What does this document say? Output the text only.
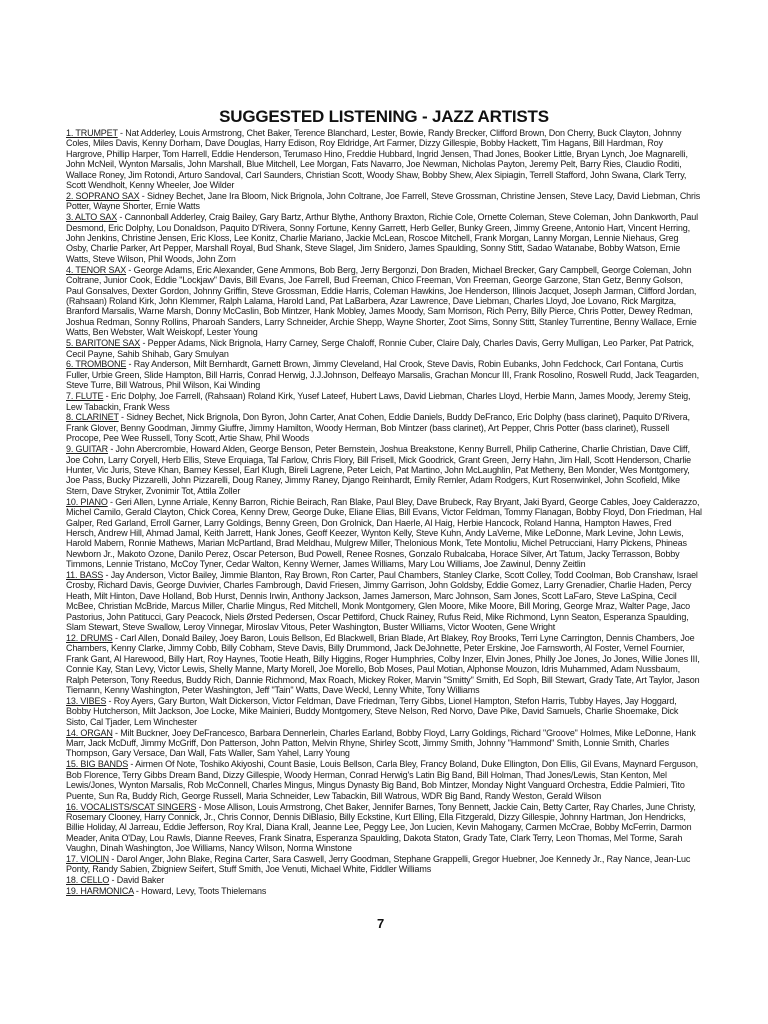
SUGGESTED LISTENING - JAZZ ARTISTS
1. TRUMPET - Nat Adderley, Louis Armstrong, Chet Baker, Terence Blanchard, Lester, Bowie, Randy Brecker, Clifford Brown, Don Cherry, Buck Clayton, Johnny Coles, Miles Davis, Kenny Dorham, Dave Douglas, Harry Edison, Roy Eldridge, Art Farmer, Dizzy Gillespie, Bobby Hackett, Tim Hagans, Bill Hardman, Roy Hargrove, Phillip Harper, Tom Harrell, Eddie Henderson, Terumaso Hino, Freddie Hubbard, Ingrid Jensen, Thad Jones, Booker Little, Bryan Lynch, Joe Magnarelli, John McNeil, Wynton Marsalis, John Marshall, Blue Mitchell, Lee Morgan, Fats Navarro, Joe Newman, Nicholas Payton, Jeremy Pelt, Barry Ries, Claudio Roditi, Wallace Roney, Jim Rotondi, Arturo Sandoval, Carl Saunders, Christian Scott, Woody Shaw, Bobby Shew, Alex Sipiagin, Terrell Stafford, John Swana, Clark Terry, Scott Wendholt, Kenny Wheeler, Joe Wilder
2. SOPRANO SAX - Sidney Bechet, Jane Ira Bloom, Nick Brignola, John Coltrane, Joe Farrell, Steve Grossman, Christine Jensen, Steve Lacy, David Liebman, Chris Potter, Wayne Shorter, Ernie Watts
3. ALTO SAX - Cannonball Adderley, Craig Bailey, Gary Bartz, Arthur Blythe, Anthony Braxton, Richie Cole, Ornette Coleman, Steve Coleman, John Dankworth, Paul Desmond, Eric Dolphy, Lou Donaldson, Paquito D'Rivera, Sonny Fortune, Kenny Garrett, Herb Geller, Bunky Green, Jimmy Greene, Antonio Hart, Vincent Herring, John Jenkins, Christine Jensen, Eric Kloss, Lee Konitz, Charlie Mariano, Jackie McLean, Roscoe Mitchell, Frank Morgan, Lanny Morgan, Lennie Niehaus, Greg Osby, Charlie Parker, Art Pepper, Marshall Royal, Bud Shank, Steve Slagel, Jim Snidero, James Spaulding, Sonny Stitt, Sadao Watanabe, Bobby Watson, Ernie Watts, Steve Wilson, Phil Woods, John Zorn
4. TENOR SAX - George Adams, Eric Alexander, Gene Ammons, Bob Berg, Jerry Bergonzi, Don Braden, Michael Brecker, Gary Campbell, George Coleman, John Coltrane, Junior Cook, Eddie "Lockjaw" Davis, Bill Evans, Joe Farrell, Bud Freeman, Chico Freeman, Von Freeman, George Garzone, Stan Getz, Benny Golson, Paul Gonsalves, Dexter Gordon, Johnny Griffin, Steve Grossman, Eddie Harris, Coleman Hawkins, Joe Henderson, Illinois Jacquet, Joseph Jarman, Clifford Jordan, (Rahsaan) Roland Kirk, John Klemmer, Ralph Lalama, Harold Land, Pat LaBarbera, Azar Lawrence, Dave Liebman, Charles Lloyd, Joe Lovano, Rick Margitza, Branford Marsalis, Warne Marsh, Donny McCaslin, Bob Mintzer, Hank Mobley, James Moody, Sam Morrison, Rich Perry, Billy Pierce, Chris Potter, Dewey Redman, Joshua Redman, Sonny Rollins, Pharoah Sanders, Larry Schneider, Archie Shepp, Wayne Shorter, Zoot Sims, Sonny Stitt, Stanley Turrentine, Benny Wallace, Ernie Watts, Ben Webster, Walt Weiskopf, Lester Young
5. BARITONE SAX - Pepper Adams, Nick Brignola, Harry Carney, Serge Chaloff, Ronnie Cuber, Claire Daly, Charles Davis, Gerry Mulligan, Leo Parker, Pat Patrick, Cecil Payne, Sahib Shihab, Gary Smulyan
6. TROMBONE - Ray Anderson, Milt Bernhardt, Garnett Brown, Jimmy Cleveland, Hal Crook, Steve Davis, Robin Eubanks, John Fedchock, Carl Fontana, Curtis Fuller, Urbie Green, Slide Hampton, Bill Harris, Conrad Herwig, J.J.Johnson, Delfeayo Marsalis, Grachan Moncur III, Frank Rosolino, Roswell Rudd, Jack Teagarden, Steve Turre, Bill Watrous, Phil Wilson, Kai Winding
7. FLUTE - Eric Dolphy, Joe Farrell, (Rahsaan) Roland Kirk, Yusef Lateef, Hubert Laws, David Liebman, Charles Lloyd, Herbie Mann, James Moody, Jeremy Steig, Lew Tabackin, Frank Wess
8. CLARINET - Sidney Bechet, Nick Brignola, Don Byron, John Carter, Anat Cohen, Eddie Daniels, Buddy DeFranco, Eric Dolphy (bass clarinet), Paquito D'Rivera, Frank Glover, Benny Goodman, Jimmy Giuffre, Jimmy Hamilton, Woody Herman, Bob Mintzer (bass clarinet), Art Pepper, Chris Potter (bass clarinet), Russell Procope, Pee Wee Russell, Tony Scott, Artie Shaw, Phil Woods
9. GUITAR - John Abercrombie, Howard Alden, George Benson, Peter Bernstein, Joshua Breakstone, Kenny Burrell, Philip Catherine, Charlie Christian, Dave Cliff, Joe Cohn, Larry Coryell, Herb Ellis, Steve Erquiaga, Tal Farlow, Chris Flory, Bill Frisell, Mick Goodrick, Grant Green, Jerry Hahn, Jim Hall, Scott Henderson, Charlie Hunter, Vic Juris, Steve Khan, Barney Kessel, Earl Klugh, Bireli Lagrene, Peter Leich, Pat Martino, John McLaughlin, Pat Metheny, Ben Monder, Wes Montgomery, Joe Pass, Bucky Pizzarelli, John Pizzarelli, Doug Raney, Jimmy Raney, Django Reinhardt, Emily Remler, Adam Rodgers, Kurt Rosenwinkel, John Scofield, Mike Stern, Dave Stryker, Zvonimir Tot, Attila Zoller
10. PIANO - Geri Allen, Lynne Arriale, Kenny Barron, Richie Beirach, Ran Blake, Paul Bley, Dave Brubeck, Ray Bryant, Jaki Byard, George Cables, Joey Calderazzo, Michel Camilo, Gerald Clayton, Chick Corea, Kenny Drew, George Duke, Eliane Elias, Bill Evans, Victor Feldman, Tommy Flanagan, Bobby Floyd, Don Friedman, Hal Galper, Red Garland, Erroll Garner, Larry Goldings, Benny Green, Don Grolnick, Dan Haerle, Al Haig, Herbie Hancock, Roland Hanna, Hampton Hawes, Fred Hersch, Andrew Hill, Ahmad Jamal, Keith Jarrett, Hank Jones, Geoff Keezer, Wynton Kelly, Steve Kuhn, Andy LaVerne, Mike LeDonne, Mark Levine, John Lewis, Harold Mabern, Ronnie Mathews, Marian McPartland, Brad Meldhau, Mulgrew Miller, Thelonious Monk, Tete Montoliu, Michel Petrucciani, Harry Pickens, Phineas Newborn Jr., Makoto Ozone, Danilo Perez, Oscar Peterson, Bud Powell, Renee Rosnes, Gonzalo Rubalcaba, Horace Silver, Art Tatum, Jacky Terrasson, Bobby Timmons, Lennie Tristano, McCoy Tyner, Cedar Walton, Kenny Werner, James Williams, Mary Lou Williams, Joe Zawinul, Denny Zeitlin
11. BASS - Jay Anderson, Victor Bailey, Jimmie Blanton, Ray Brown, Ron Carter, Paul Chambers, Stanley Clarke, Scott Colley, Todd Coolman, Bob Cranshaw, Israel Crosby, Richard Davis, George Duvivier, Charles Fambrough, David Friesen, Jimmy Garrison, John Goldsby, Eddie Gomez, Larry Grenadier, Charlie Haden, Percy Heath, Milt Hinton, Dave Holland, Bob Hurst, Dennis Irwin, Anthony Jackson, James Jamerson, Marc Johnson, Sam Jones, Scott LaFaro, Steve LaSpina, Cecil McBee, Christian McBride, Marcus Miller, Charlie Mingus, Red Mitchell, Monk Montgomery, Glen Moore, Mike Moore, Bill Moring, George Mraz, Walter Page, Jaco Pastorius, John Patitucci, Gary Peacock, Niels Ørsted Pedersen, Oscar Pettiford, Chuck Rainey, Rufus Reid, Mike Richmond, Lynn Seaton, Esperanza Spaulding, Slam Stewart, Steve Swallow, Leroy Vinnegar, Miroslav Vitous, Peter Washington, Buster Williams, Victor Wooten, Gene Wright
12. DRUMS - Carl Allen, Donald Bailey, Joey Baron, Louis Bellson, Ed Blackwell, Brian Blade, Art Blakey, Roy Brooks, Terri Lyne Carrington, Dennis Chambers, Joe Chambers, Kenny Clarke, Jimmy Cobb, Billy Cobham, Steve Davis, Billy Drummond, Jack DeJohnette, Peter Erskine, Joe Farnsworth, Al Foster, Vernel Fournier, Frank Gant, Al Harewood, Billy Hart, Roy Haynes, Tootie Heath, Billy Higgins, Roger Humphries, Colby Inzer, Elvin Jones, Philly Joe Jones, Jo Jones, Willie Jones III, Connie Kay, Stan Levy, Victor Lewis, Shelly Manne, Marty Morell, Joe Morello, Bob Moses, Paul Motian, Alphonse Mouzon, Idris Muhammed, Adam Nussbaum, Ralph Peterson, Tony Reedus, Buddy Rich, Dannie Richmond, Max Roach, Mickey Roker, Marvin "Smitty" Smith, Ed Soph, Bill Stewart, Grady Tate, Art Taylor, Jason Tiemann, Kenny Washington, Peter Washington, Jeff "Tain" Watts, Dave Weckl, Lenny White, Tony Williams
13. VIBES - Roy Ayers, Gary Burton, Walt Dickerson, Victor Feldman, Dave Friedman, Terry Gibbs, Lionel Hampton, Stefon Harris, Tubby Hayes, Jay Hoggard, Bobby Hutcherson, Milt Jackson, Joe Locke, Mike Mainieri, Buddy Montgomery, Steve Nelson, Red Norvo, Dave Pike, David Samuels, Charlie Shoemake, Dick Sisto, Cal Tjader, Lem Winchester
14. ORGAN - Milt Buckner, Joey DeFrancesco, Barbara Dennerlein, Charles Earland, Bobby Floyd, Larry Goldings, Richard "Groove" Holmes, Mike LeDonne, Hank Marr, Jack McDuff, Jimmy McGriff, Don Patterson, John Patton, Melvin Rhyne, Shirley Scott, Jimmy Smith, Johnny "Hammond" Smith, Lonnie Smith, Charles Thompson, Gary Versace, Dan Wall, Fats Waller, Sam Yahel, Larry Young
15. BIG BANDS - Airmen Of Note, Toshiko Akiyoshi, Count Basie, Louis Bellson, Carla Bley, Francy Boland, Duke Ellington, Don Ellis, Gil Evans, Maynard Ferguson, Bob Florence, Terry Gibbs Dream Band, Dizzy Gillespie, Woody Herman, Conrad Herwig's Latin Big Band, Bill Holman, Thad Jones/Lewis, Stan Kenton, Mel Lewis/Jones, Wynton Marsalis, Rob McConnell, Charles Mingus, Mingus Dynasty Big Band, Bob Mintzer, Monday Night Vanguard Orchestra, Eddie Palmieri, Tito Puente, Sun Ra, Buddy Rich, George Russell, Maria Schneider, Lew Tabackin, Bill Watrous, WDR Big Band, Randy Weston, Gerald Wilson
16. VOCALISTS/SCAT SINGERS - Mose Allison, Louis Armstrong, Chet Baker, Jennifer Barnes, Tony Bennett, Jackie Cain, Betty Carter, Ray Charles, June Christy, Rosemary Clooney, Harry Connick, Jr., Chris Connor, Dennis DiBlasio, Billy Eckstine, Kurt Elling, Ella Fitzgerald, Dizzy Gillespie, Johnny Hartman, Jon Hendricks, Billie Holiday, Al Jarreau, Eddie Jefferson, Roy Kral, Diana Krall, Jeanne Lee, Peggy Lee, Jon Lucien, Kevin Mahogany, Carmen McCrae, Bobby McFerrin, Darmon Meader, Anita O'Day, Lou Rawls, Dianne Reeves, Frank Sinatra, Esperanza Spaulding, Dakota Staton, Grady Tate, Clark Terry, Leon Thomas, Mel Torme, Sarah Vaughn, Dinah Washington, Joe Williams, Nancy Wilson, Norma Winstone
17. VIOLIN - Darol Anger, John Blake, Regina Carter, Sara Caswell, Jerry Goodman, Stephane Grappelli, Gregor Huebner, Joe Kennedy Jr., Ray Nance, Jean-Luc Ponty, Randy Sabien, Zbigniew Seifert, Stuff Smith, Joe Venuti, Michael White, Fiddler Williams
18. CELLO - David Baker
19. HARMONICA - Howard, Levy, Toots Thielemans
7
